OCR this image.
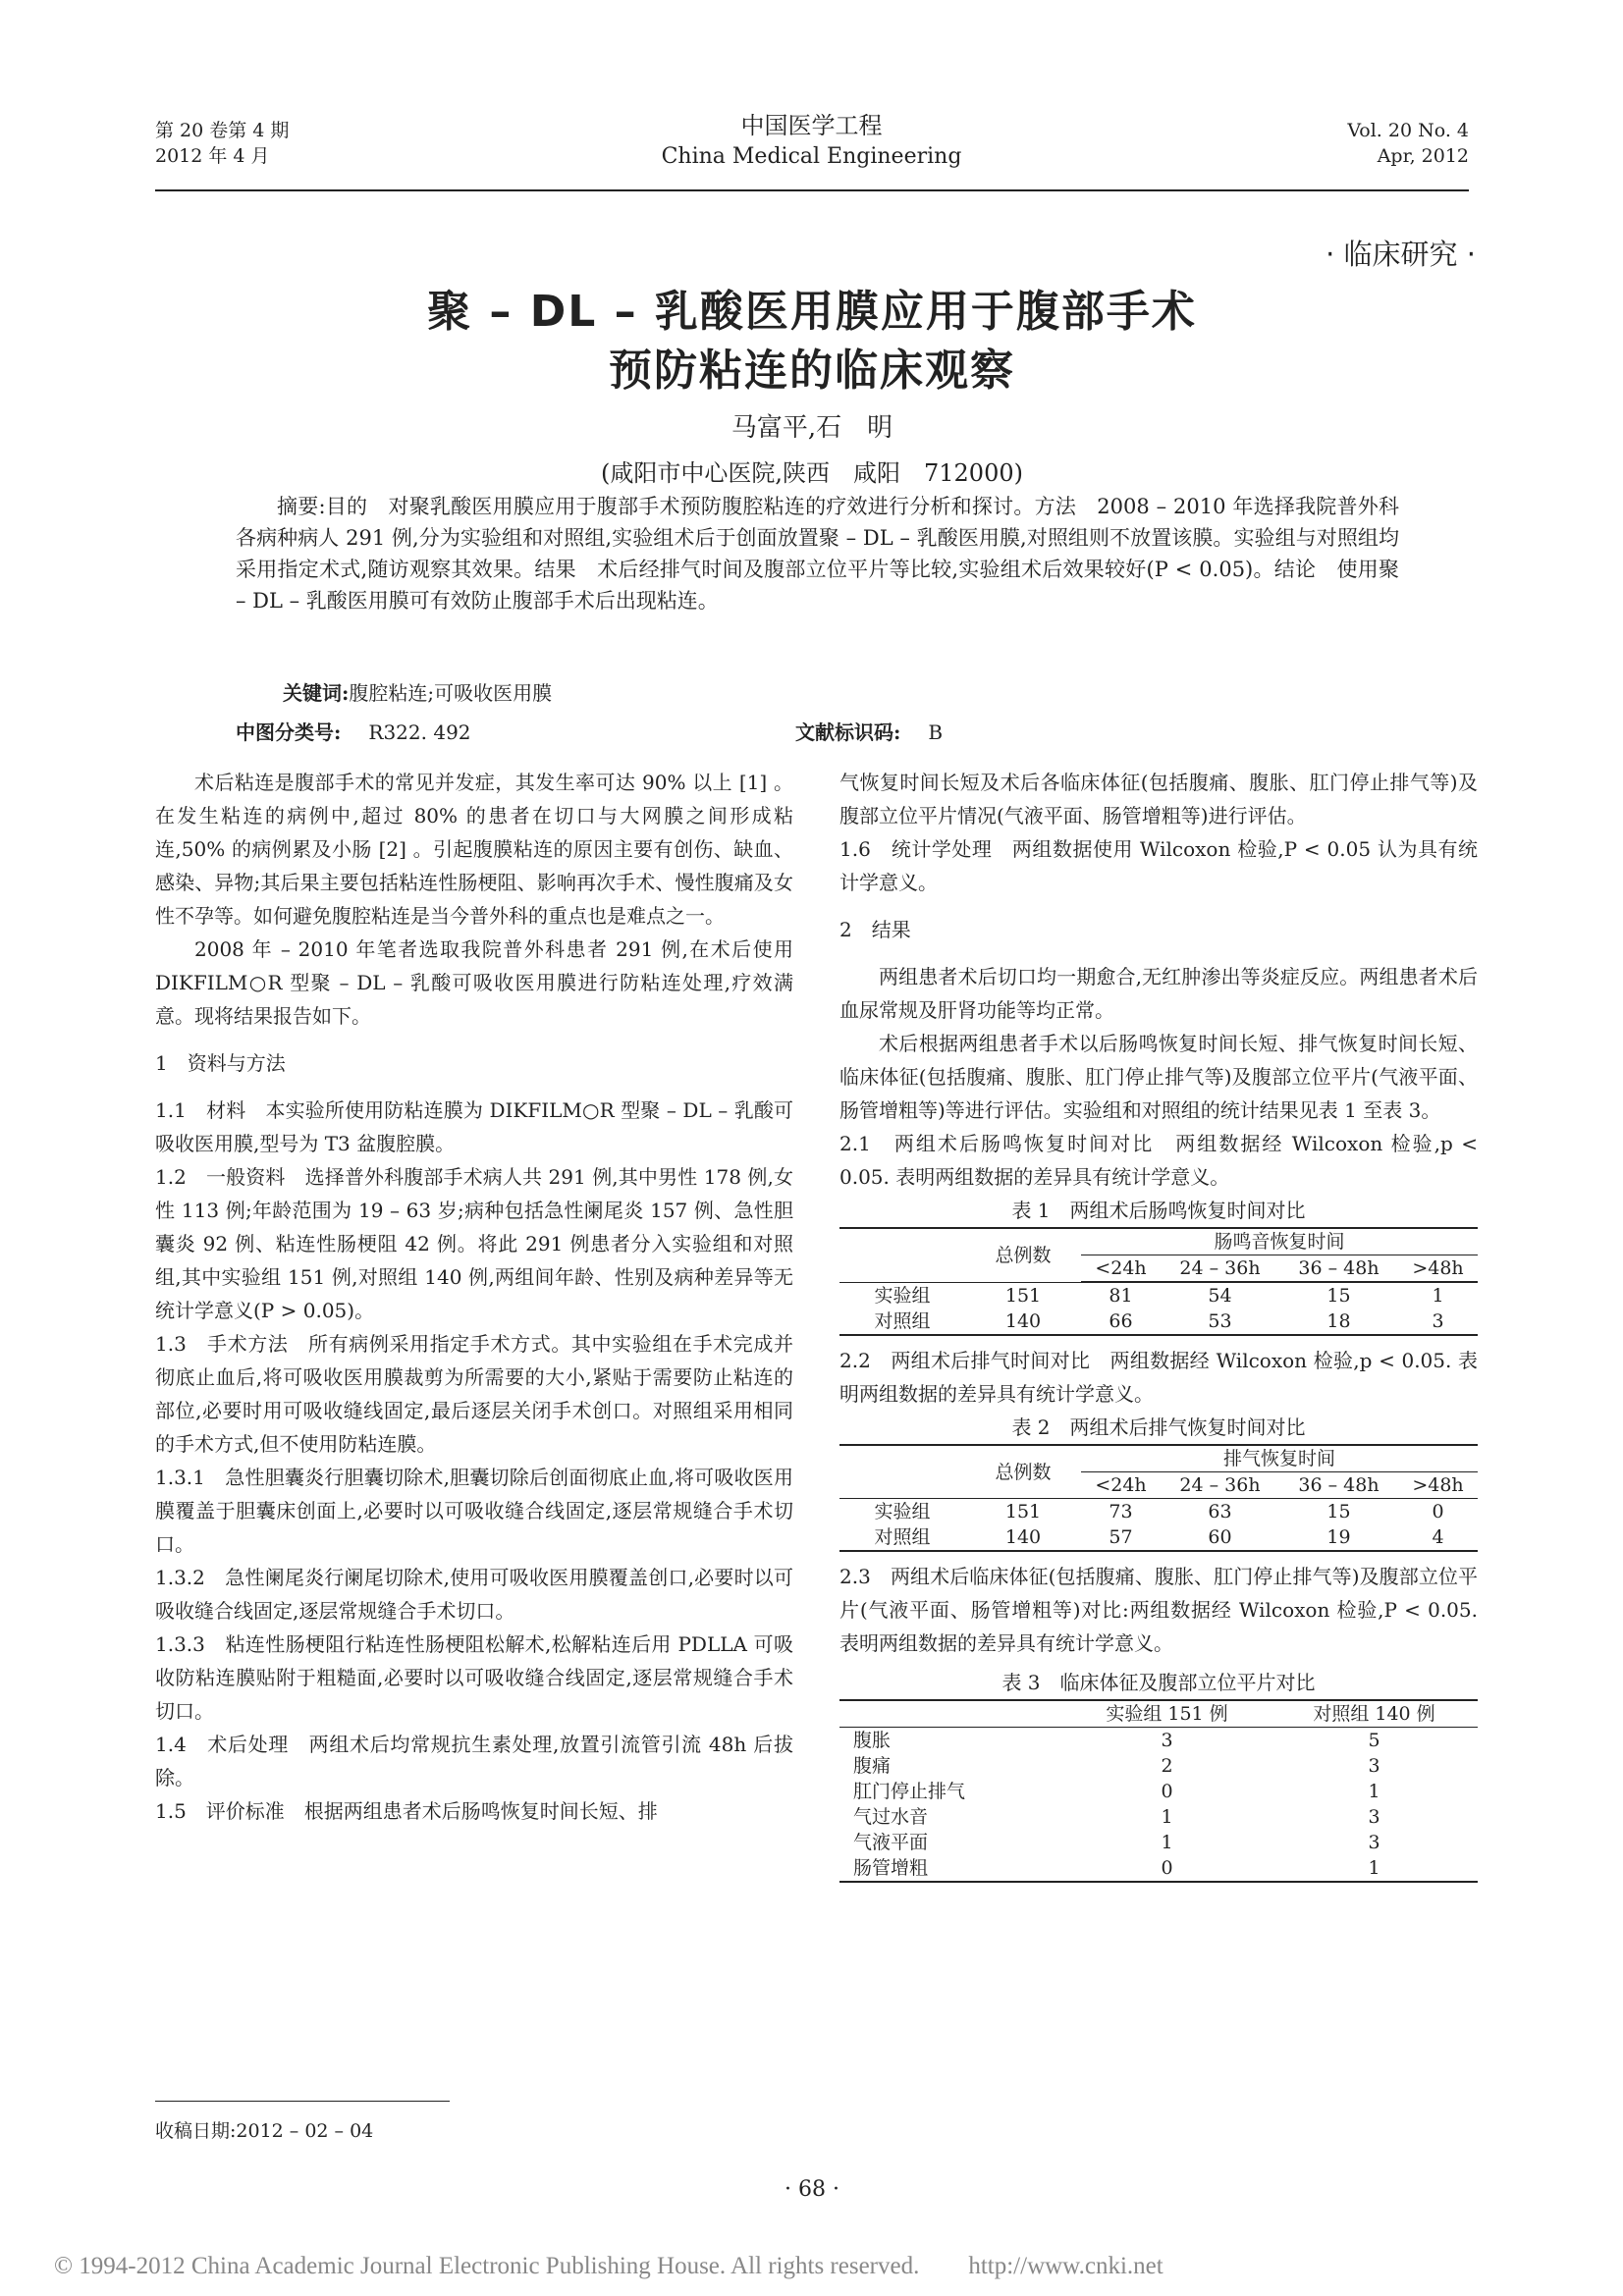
第 20 卷第 4 期
2012 年 4 月
中国医学工程
China Medical Engineering
Vol. 20 No. 4
Apr, 2012
· 临床研究 ·
聚 – DL – 乳酸医用膜应用于腹部手术
预防粘连的临床观察
马富平,石　明
(咸阳市中心医院,陕西　咸阳　712000)
摘要:目的　对聚乳酸医用膜应用于腹部手术预防腹腔粘连的疗效进行分析和探讨。方法　2008 – 2010 年选择我院普外科各病种病人 291 例,分为实验组和对照组,实验组术后于创面放置聚 – DL – 乳酸医用膜,对照组则不放置该膜。实验组与对照组均采用指定术式,随访观察其效果。结果　术后经排气时间及腹部立位平片等比较,实验组术后效果较好(P < 0.05)。结论　使用聚 – DL – 乳酸医用膜可有效防止腹部手术后出现粘连。
关键词:腹腔粘连;可吸收医用膜
中图分类号: R322. 492	文献标识码: B

术后粘连是腹部手术的常见并发症，其发生率可达 90% 以上 [1] 。在发生粘连的病例中,超过 80% 的患者在切口与大网膜之间形成粘连,50% 的病例累及小肠 [2] 。引起腹膜粘连的原因主要有创伤、缺血、感染、异物;其后果主要包括粘连性肠梗阻、影响再次手术、慢性腹痛及女性不孕等。如何避免腹腔粘连是当今普外科的重点也是难点之一。

2008 年 – 2010 年笔者选取我院普外科患者 291 例,在术后使用 DIKFILM○R 型聚 – DL – 乳酸可吸收医用膜进行防粘连处理,疗效满意。现将结果报告如下。

1　资料与方法

1.1　材料　本实验所使用防粘连膜为 DIKFILM○R 型聚 – DL – 乳酸可吸收医用膜,型号为 T3 盆腹腔膜。

1.2　一般资料　选择普外科腹部手术病人共 291 例,其中男性 178 例,女性 113 例;年龄范围为 19 – 63 岁;病种包括急性阑尾炎 157 例、急性胆囊炎 92 例、粘连性肠梗阻 42 例。将此 291 例患者分入实验组和对照组,其中实验组 151 例,对照组 140 例,两组间年龄、性别及病种差异等无统计学意义(P > 0.05)。

1.3　手术方法　所有病例采用指定手术方式。其中实验组在手术完成并彻底止血后,将可吸收医用膜裁剪为所需要的大小,紧贴于需要防止粘连的部位,必要时用可吸收缝线固定,最后逐层关闭手术创口。对照组采用相同的手术方式,但不使用防粘连膜。

1.3.1　急性胆囊炎行胆囊切除术,胆囊切除后创面彻底止血,将可吸收医用膜覆盖于胆囊床创面上,必要时以可吸收缝合线固定,逐层常规缝合手术切口。

1.3.2　急性阑尾炎行阑尾切除术,使用可吸收医用膜覆盖创口,必要时以可吸收缝合线固定,逐层常规缝合手术切口。

1.3.3　粘连性肠梗阻行粘连性肠梗阻松解术,松解粘连后用 PDLLA 可吸收防粘连膜贴附于粗糙面,必要时以可吸收缝合线固定,逐层常规缝合手术切口。

1.4　术后处理　两组术后均常规抗生素处理,放置引流管引流 48h 后拔除。

1.5　评价标准　根据两组患者术后肠鸣恢复时间长短、排

收稿日期:2012 – 02 – 04

气恢复时间长短及术后各临床体征(包括腹痛、腹胀、肛门停止排气等)及腹部立位平片情况(气液平面、肠管增粗等)进行评估。

1.6　统计学处理　两组数据使用 Wilcoxon 检验,P < 0.05 认为具有统计学意义。

2　结果

两组患者术后切口均一期愈合,无红肿渗出等炎症反应。两组患者术后血尿常规及肝肾功能等均正常。

术后根据两组患者手术以后肠鸣恢复时间长短、排气恢复时间长短、临床体征(包括腹痛、腹胀、肛门停止排气等)及腹部立位平片(气液平面、肠管增粗等)等进行评估。实验组和对照组的统计结果见表 1 至表 3。

2.1　两组术后肠鸣恢复时间对比　两组数据经 Wilcoxon 检验,p < 0.05. 表明两组数据的差异具有统计学意义。

表 1　两组术后肠鸣恢复时间对比

	总例数	肠鸣音恢复时间			
		<24h	24 – 36h	36 – 48h	>48h

实验组	151	81	54	15	1
对照组	140	66	53	18	3

2.2　两组术后排气时间对比　两组数据经 Wilcoxon 检验,p < 0.05. 表明两组数据的差异具有统计学意义。

表 2　两组术后排气恢复时间对比

	总例数	排气恢复时间			
		<24h	24 – 36h	36 – 48h	>48h

实验组	151	73	63	15	0
对照组	140	57	60	19	4

2.3　两组术后临床体征(包括腹痛、腹胀、肛门停止排气等)及腹部立位平片(气液平面、肠管增粗等)对比:两组数据经 Wilcoxon 检验,P < 0.05. 表明两组数据的差异具有统计学意义。

表 3　临床体征及腹部立位平片对比

	实验组 151 例	对照组 140 例
腹胀	3	5
腹痛	2	3
肛门停止排气	0	1
气过水音	1	3
气液平面	1	3
肠管增粗	0	1
· 68 ·
© 1994-2012 China Academic Journal Electronic Publishing House. All rights reserved.　　http://www.cnki.net
